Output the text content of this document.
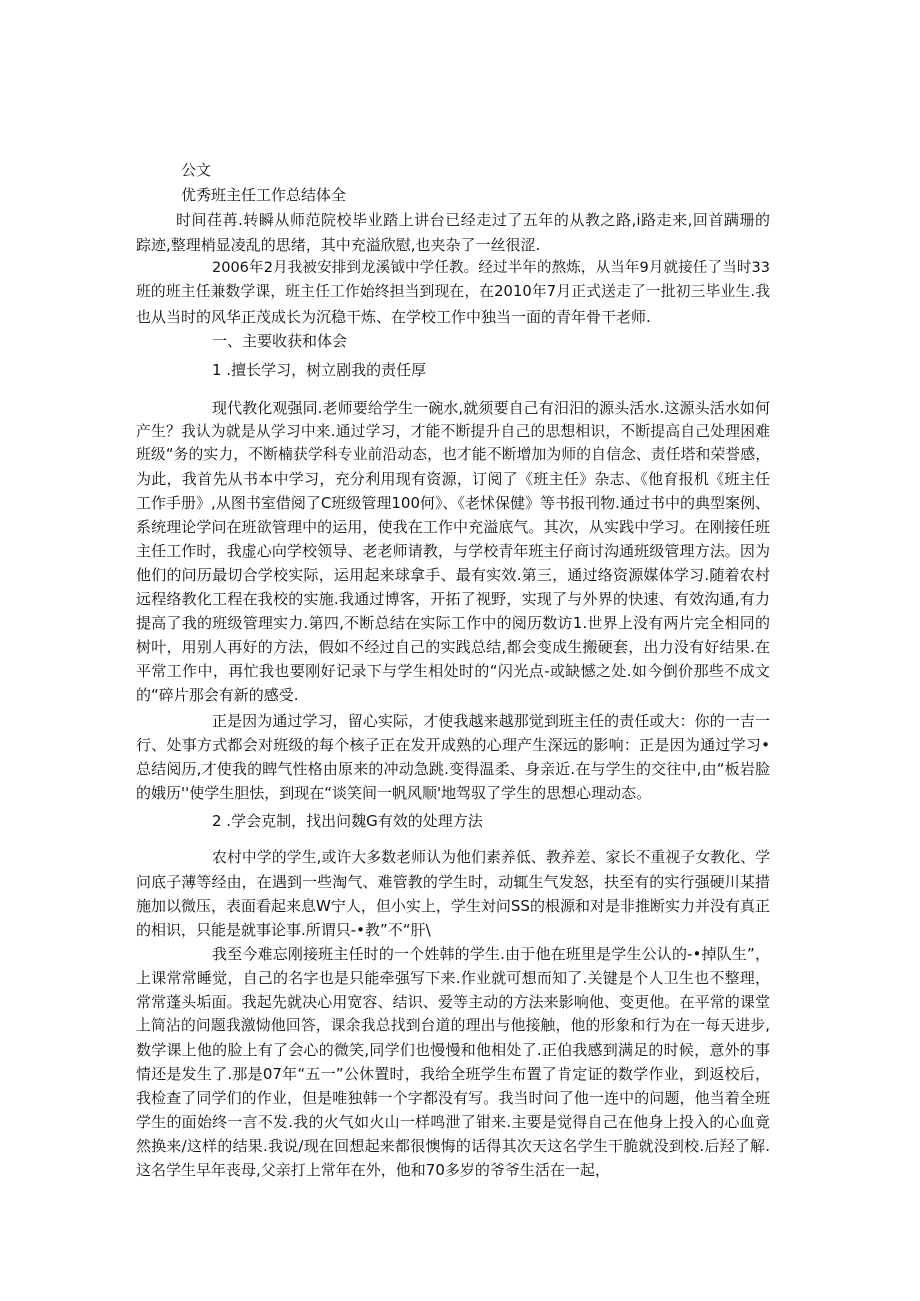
公文
优秀班主任工作总结体全
时间荏苒.转瞬从师范院校毕业踏上讲台已经走过了五年的从教之路,i路走来,回首蹒珊的
踪迹,整理梢显凌乱的思绪，其中充溢欣慰,也夹杂了一丝很涩.
2006年2月我被安排到龙溪钺中学任教。经过半年的熬炼，从当年9月就接任了当时33
班的班主任兼数学课，班主任工作始终担当到现在，在2010年7月正式送走了一批初三毕业生.我
也从当时的风华正茂成长为沉稳干炼、在学校工作中独当一面的青年骨干老师.
一、主要收获和体会
1 .擅长学习，树立剧我的责任厚
现代教化观强同.老师要给学生一碗水,就须要自己有汨汨的源头活水.这源头活水如何
产生？我认为就是从学习中来.通过学习，才能不断提升自己的思想相识，不断提高自己处理困难
班级“务的实力，不断楠获学科专业前沿动态，也才能不断增加为师的自信念、责任塔和荣誉感，
为此，我首先从书本中学习，充分利用现有资源，订阅了《班主任》杂志、《他育报机《班主任
工作手册》,从图书室借阅了C班级管理100何》、《老怵保健》等书报刊物.通过书中的典型案例、
系统理论学问在班欲管理中的运用，使我在工作中充溢底气。其次，从实践中学习。在刚接任班
主任工作时，我虚心向学校领导、老老师请教，与学校青年班主仔商讨沟通班级管理方法。因为
他们的问历最切合学校实际，运用起来球拿手、最有实效.第三，通过络资源媒体学习.随着农村
远程络教化工程在我校的实施.我通过博客，开拓了视野，实现了与外界的快速、有效沟通,有力
提高了我的班级管理实力.第四,不断总结在实际工作中的阅历数访1.世界上没有两片完全相同的
树叶，用别人再好的方法，假如不经过自己的实践总结,都会变成生搬硬套，出力没有好结果.在
平常工作中，再忙我也要刚好记录下与学生相处时的“闪光点-或缺憾之处.如今倒价那些不成文
的“碎片那会有新的感受.
正是因为通过学习，留心实际，才使我越来越那觉到班主任的责任或大：你的一吉一
行、处事方式都会对班级的每个核子正在发开成熟的心理产生深远的影响：正是因为通过学习•
总结阅历,才使我的睥气性格由原来的冲动急跳.变得温柔、身亲近.在与学生的交往中,由“板岩脸
的娥历''使学生胆怯，到现在“谈笑间一帆风顺'地驾驭了学生的思想心理动态。
2 .学会克制，找出问魏G有效的处理方法
农村中学的学生,或许大多数老师认为他们素养低、教养差、家长不重视子女教化、学
问底子薄等经由，在遇到一些淘气、难管教的学生时，动辄生气发怒，扶至有的实行强硬川某措
施加以微压，表面看起来息W宁人，但小实上，学生対问SS的根源和对是非推断实力并没有真正
的相识，只能是就事论事.所谓只-•教”不“肝\
我至今难忘刚接班主任时的一个姓韩的学生.由于他在班里是学生公认的-•掉队生”，
上课常常睡觉，自己的名字也是只能牵强写下来.作业就可想而知了.关键是个人卫生也不整理，
常常蓬头垢面。我起先就决心用宽容、结识、爱等主动的方法来影响他、变更他。在平常的课堂
上简沾的问题我激恸他回答，课余我总找到台道的理出与他接触，他的形象和行为在一每天进步,
数学课上他的脸上有了会心的微笑,同学们也慢慢和他相处了.正伯我感到满足的时候，意外的事
情还是发生了.那是07年“五一”公休置时，我给全班学生布置了肯定证的数学作业，到返校后，
我检查了同学们的作业，但是唯独韩一个字都没有写。我当时问了他一连中的问题，他当着全班
学生的面始终一言不发.我的火气如火山一样鸣泄了钳来.主要是觉得自己在他身上投入的心血竟
然换来/这样的结果.我说/现在回想起来都很懊悔的话得其次天这名学生干脆就没到校.后羟了解.
这名学生早年丧母,父亲打上常年在外，他和70多岁的爷爷生活在一起，
